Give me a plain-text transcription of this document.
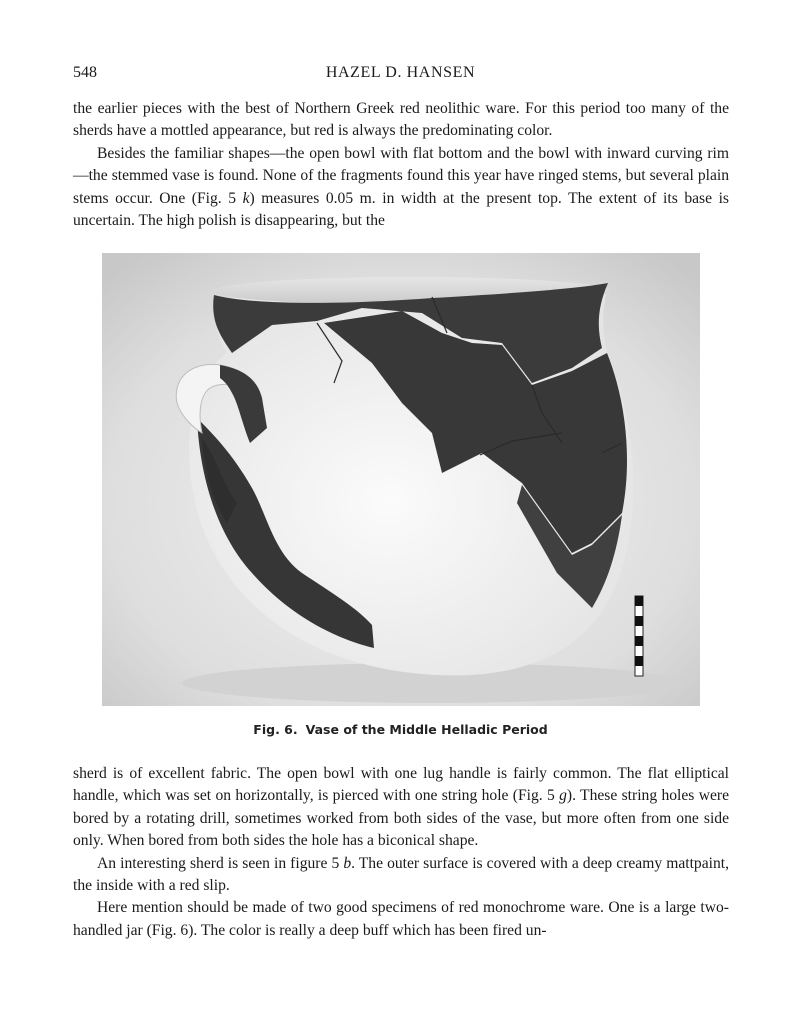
548	HAZEL D. HANSEN

the earlier pieces with the best of Northern Greek red neolithic ware. For this period too many of the sherds have a mottled appearance, but red is always the predominating color.

Besides the familiar shapes—the open bowl with flat bottom and the bowl with inward curving rim—the stemmed vase is found. None of the fragments found this year have ringed stems, but several plain stems occur. One (Fig. 5 k) measures 0.05 m. in width at the present top. The extent of its base is uncertain. The high polish is disappearing, but the

Fig. 6. Vase of the Middle Helladic Period

sherd is of excellent fabric. The open bowl with one lug handle is fairly common. The flat elliptical handle, which was set on horizontally, is pierced with one string hole (Fig. 5 g). These string holes were bored by a rotating drill, sometimes worked from both sides of the vase, but more often from one side only. When bored from both sides the hole has a biconical shape.

An interesting sherd is seen in figure 5 b. The outer surface is covered with a deep creamy mattpaint, the inside with a red slip.

Here mention should be made of two good specimens of red monochrome ware. One is a large two-handled jar (Fig. 6). The color is really a deep buff which has been fired un-
